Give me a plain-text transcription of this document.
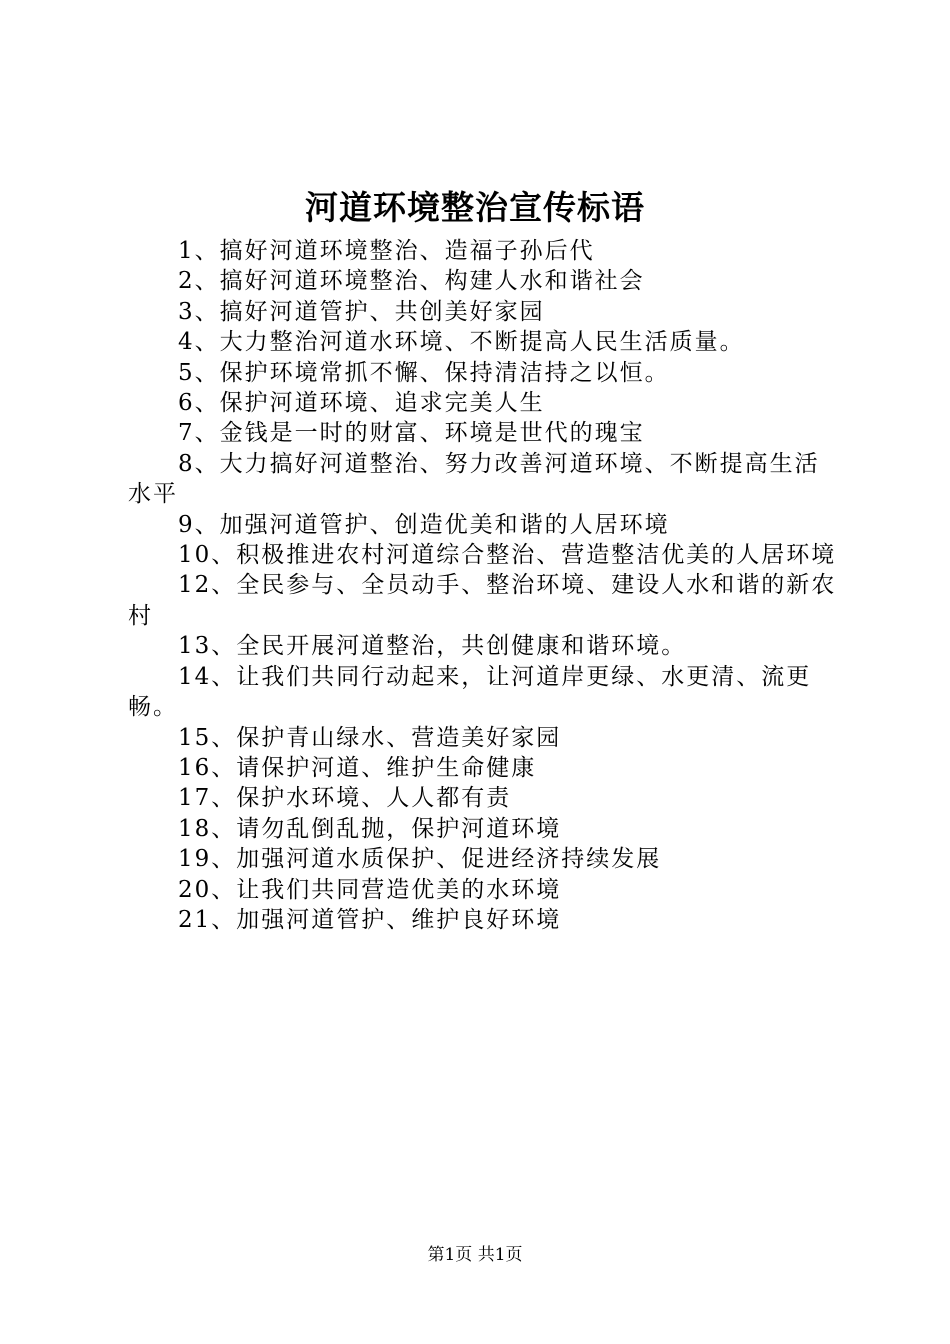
河道环境整治宣传标语
1、搞好河道环境整治、造福子孙后代
2、搞好河道环境整治、构建人水和谐社会
3、搞好河道管护、共创美好家园
4、大力整治河道水环境、不断提高人民生活质量。
5、保护环境常抓不懈、保持清洁持之以恒。
6、保护河道环境、追求完美人生
7、金钱是一时的财富、环境是世代的瑰宝
8、大力搞好河道整治、努力改善河道环境、不断提高生活水平
9、加强河道管护、创造优美和谐的人居环境
10、积极推进农村河道综合整治、营造整洁优美的人居环境
12、全民参与、全员动手、整治环境、建设人水和谐的新农村
13、全民开展河道整治，共创健康和谐环境。
14、让我们共同行动起来，让河道岸更绿、水更清、流更畅。
15、保护青山绿水、营造美好家园
16、请保护河道、维护生命健康
17、保护水环境、人人都有责
18、请勿乱倒乱抛，保护河道环境
19、加强河道水质保护、促进经济持续发展
20、让我们共同营造优美的水环境
21、加强河道管护、维护良好环境
第1页 共1页
